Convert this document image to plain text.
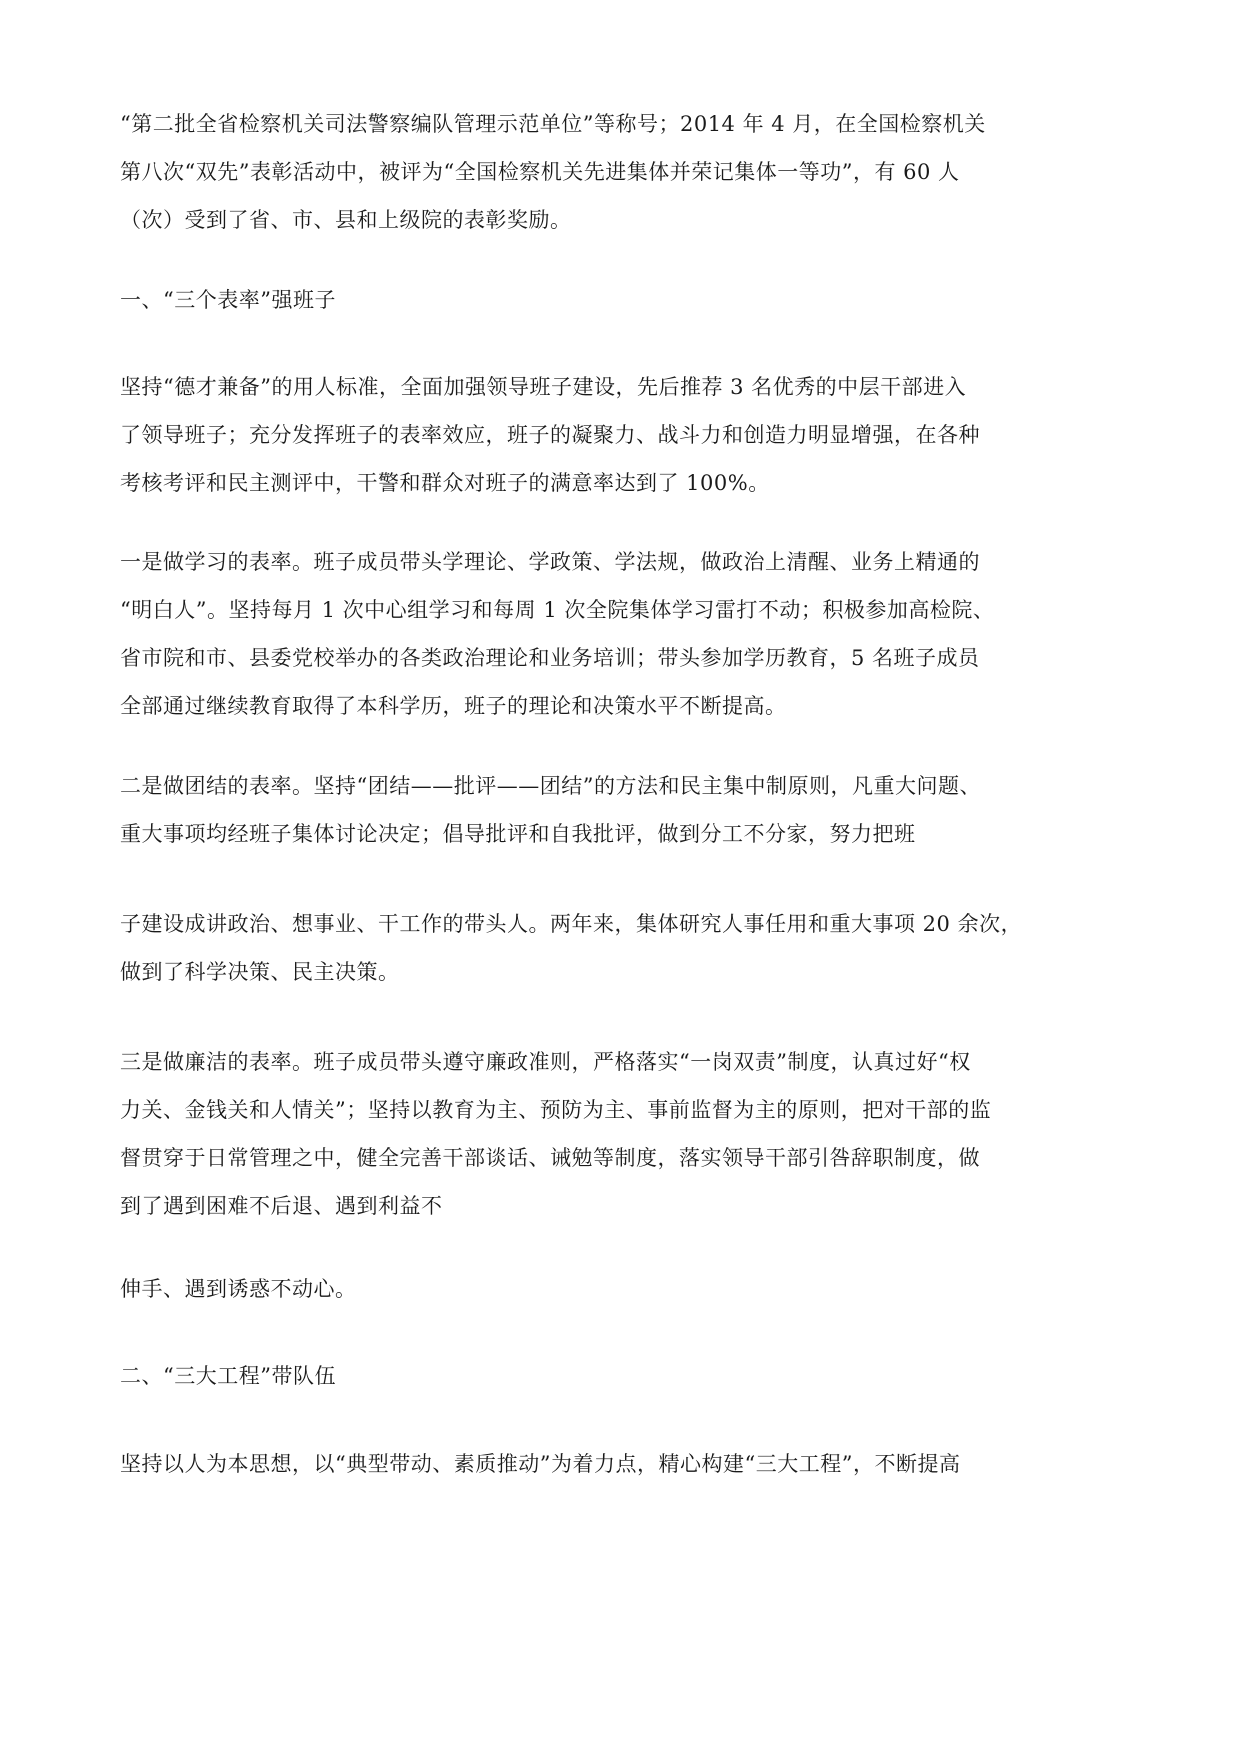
“第二批全省检察机关司法警察编队管理示范单位”等称号；2014 年 4 月，在全国检察机关
第八次“双先”表彰活动中，被评为“全国检察机关先进集体并荣记集体一等功”，有 60 人
（次）受到了省、市、县和上级院的表彰奖励。

一、“三个表率”强班子

坚持“德才兼备”的用人标准，全面加强领导班子建设，先后推荐 3 名优秀的中层干部进入
了领导班子；充分发挥班子的表率效应，班子的凝聚力、战斗力和创造力明显增强，在各种
考核考评和民主测评中，干警和群众对班子的满意率达到了 100%。

一是做学习的表率。班子成员带头学理论、学政策、学法规，做政治上清醒、业务上精通的
“明白人”。坚持每月 1 次中心组学习和每周 1 次全院集体学习雷打不动；积极参加高检院、
省市院和市、县委党校举办的各类政治理论和业务培训；带头参加学历教育，5 名班子成员
全部通过继续教育取得了本科学历，班子的理论和决策水平不断提高。

二是做团结的表率。坚持“团结——批评——团结”的方法和民主集中制原则，凡重大问题、
重大事项均经班子集体讨论决定；倡导批评和自我批评，做到分工不分家，努力把班

子建设成讲政治、想事业、干工作的带头人。两年来，集体研究人事任用和重大事项 20 余次，
做到了科学决策、民主决策。

三是做廉洁的表率。班子成员带头遵守廉政准则，严格落实“一岗双责”制度，认真过好“权
力关、金钱关和人情关”；坚持以教育为主、预防为主、事前监督为主的原则，把对干部的监
督贯穿于日常管理之中，健全完善干部谈话、诫勉等制度，落实领导干部引咎辞职制度，做
到了遇到困难不后退、遇到利益不

伸手、遇到诱惑不动心。

二、“三大工程”带队伍

坚持以人为本思想，以“典型带动、素质推动”为着力点，精心构建“三大工程”，不断提高
